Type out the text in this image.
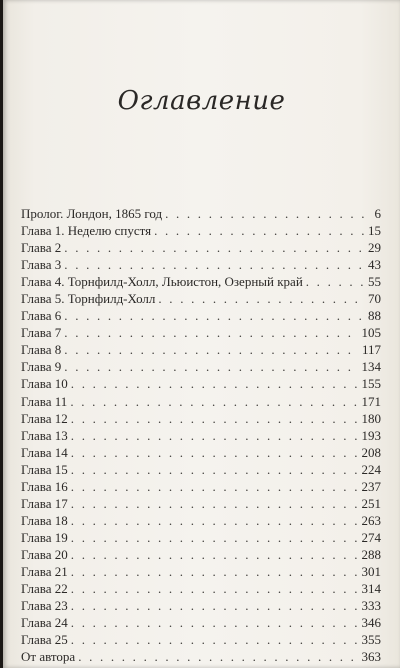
Оглавление
Пролог. Лондон, 1865 год . . .	6
Глава 1. Неделю спустя . . .	15
Глава 2 . . .	29
Глава 3 . . .	43
Глава 4. Торнфилд-Холл, Льюистон, Озерный край . . .	55
Глава 5. Торнфилд-Холл . . .	70
Глава 6 . . .	88
Глава 7 . . .	105
Глава 8 . . .	117
Глава 9 . . .	134
Глава 10 . . .	155
Глава 11 . . .	171
Глава 12 . . .	180
Глава 13 . . .	193
Глава 14 . . .	208
Глава 15 . . .	224
Глава 16 . . .	237
Глава 17 . . .	251
Глава 18 . . .	263
Глава 19 . . .	274
Глава 20 . . .	288
Глава 21 . . .	301
Глава 22 . . .	314
Глава 23 . . .	333
Глава 24 . . .	346
Глава 25 . . .	355
От автора . . .	363
